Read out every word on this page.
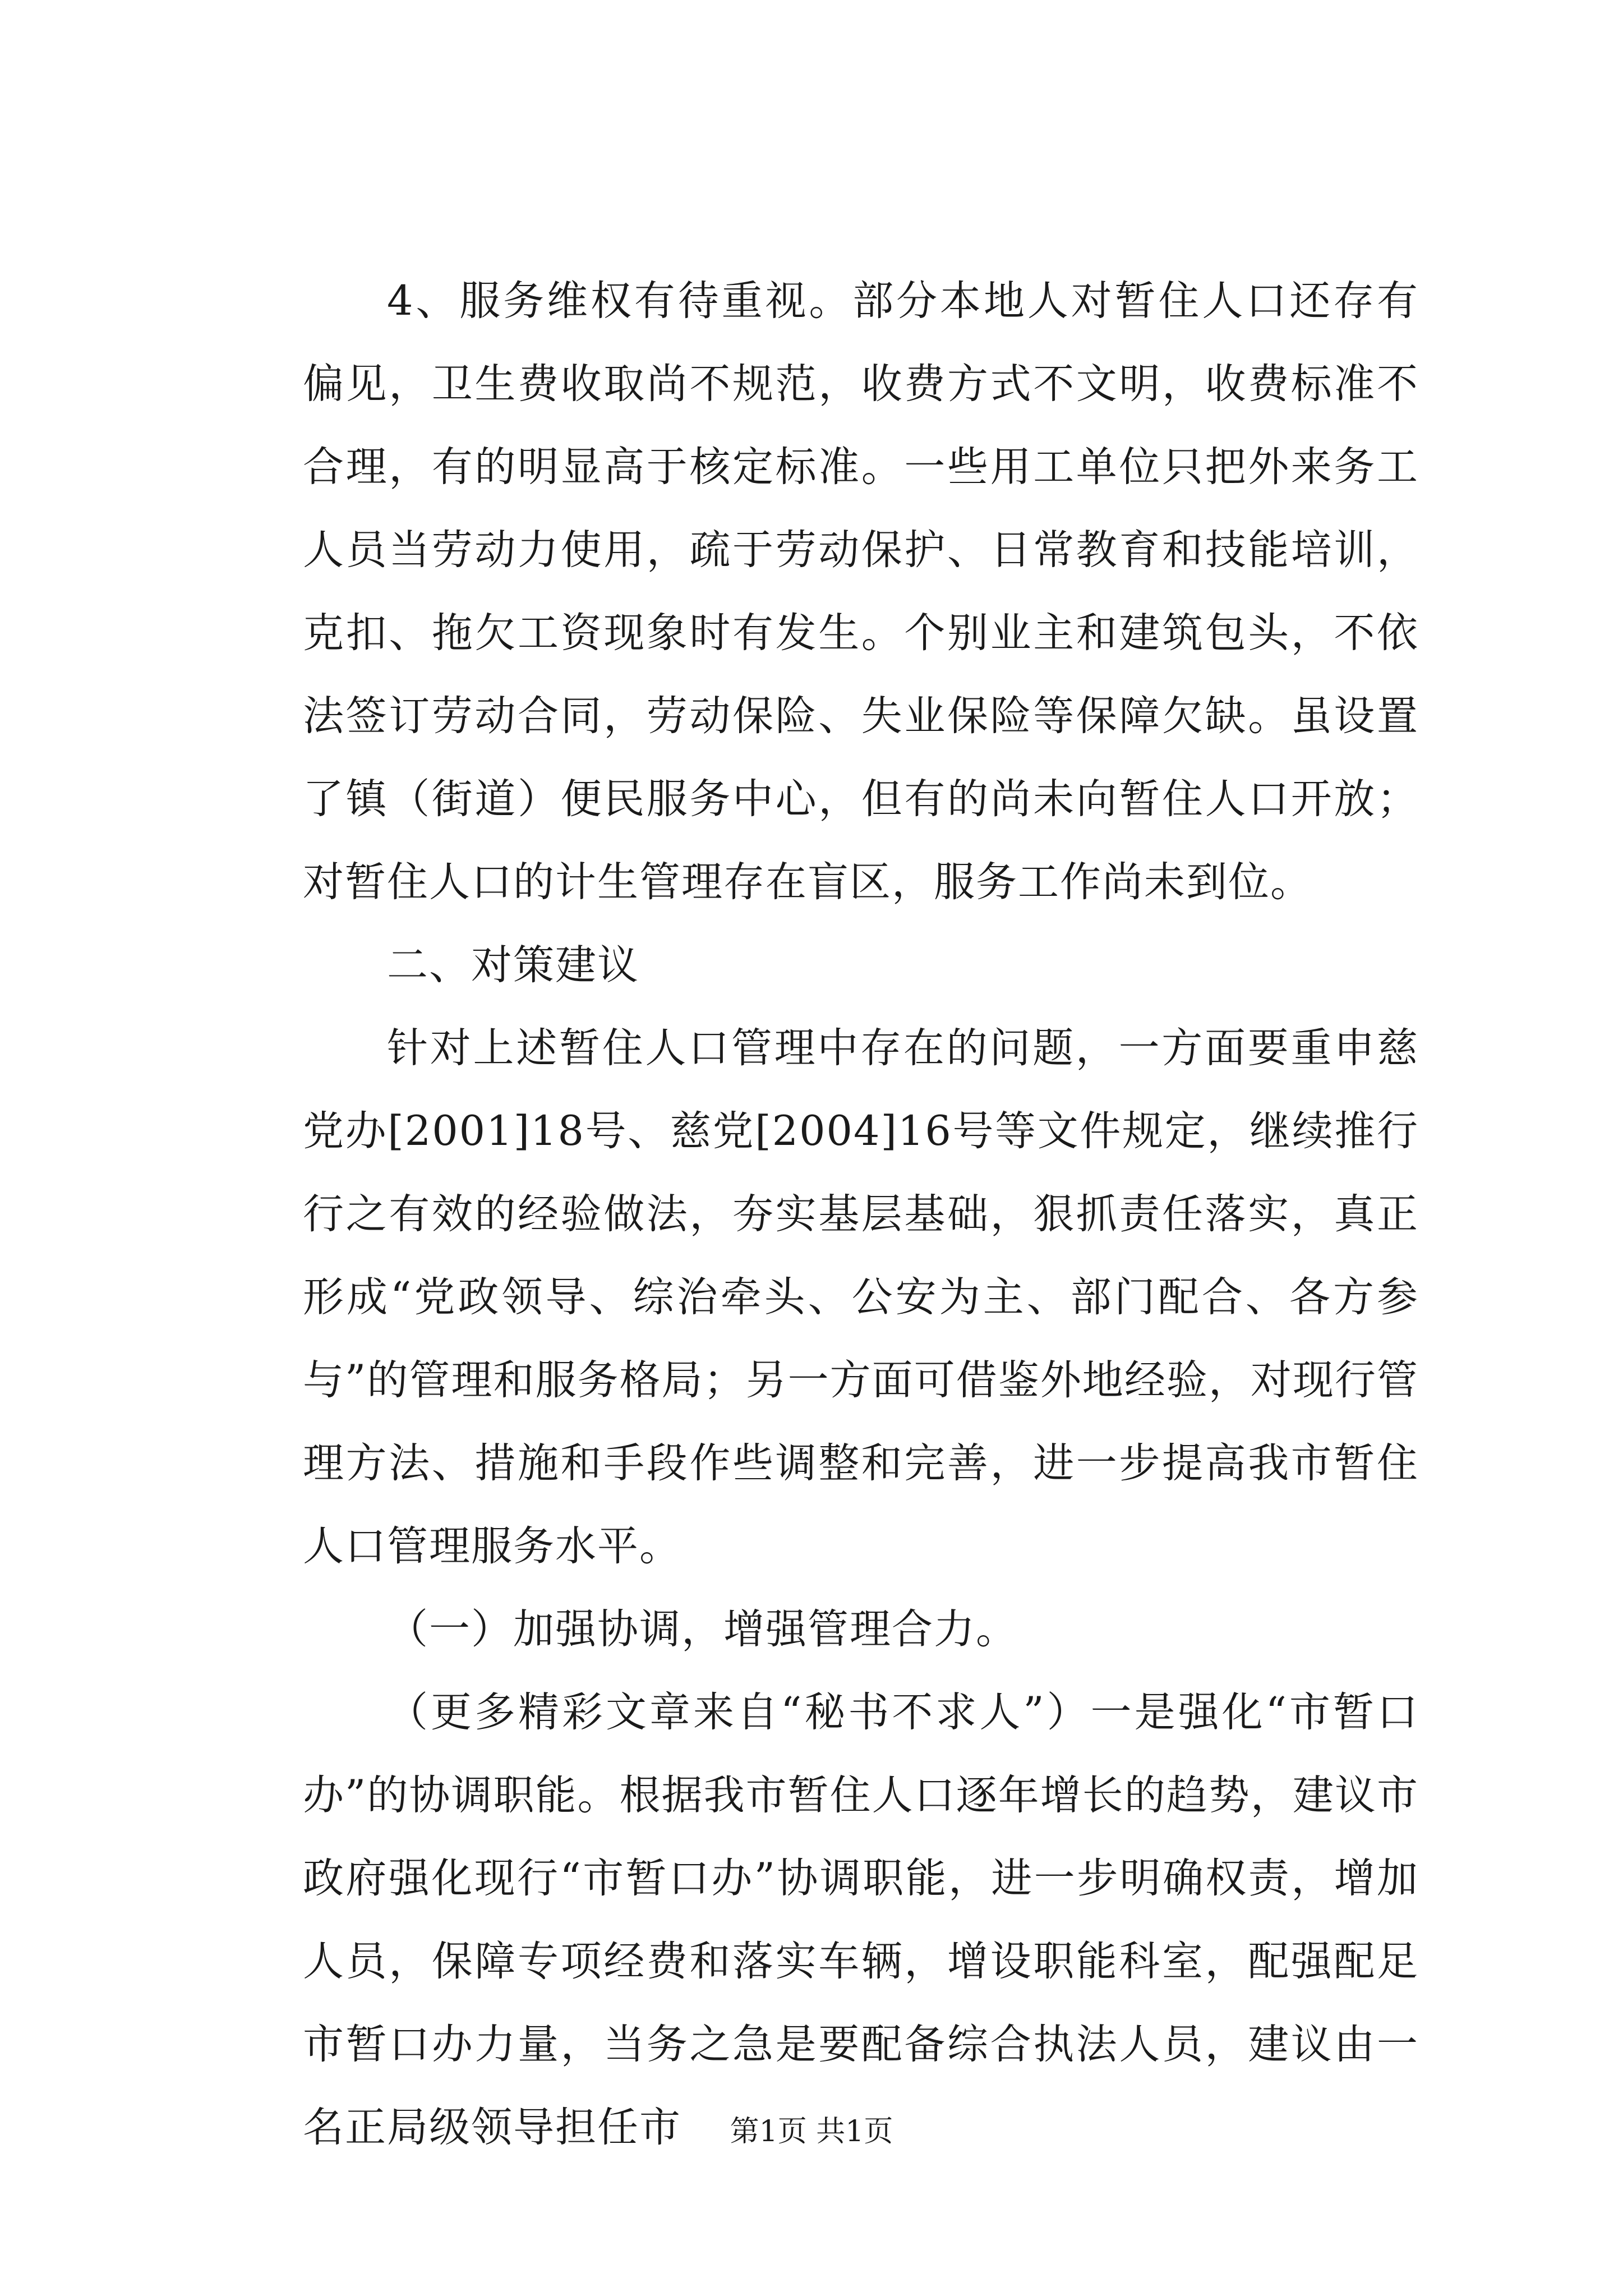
4、服务维权有待重视。部分本地人对暂住人口还存有偏见，卫生费收取尚不规范，收费方式不文明，收费标准不合理，有的明显高于核定标准。一些用工单位只把外来务工人员当劳动力使用，疏于劳动保护、日常教育和技能培训，克扣、拖欠工资现象时有发生。个别业主和建筑包头，不依法签订劳动合同，劳动保险、失业保险等保障欠缺。虽设置了镇（街道）便民服务中心，但有的尚未向暂住人口开放；对暂住人口的计生管理存在盲区，服务工作尚未到位。

二、对策建议

针对上述暂住人口管理中存在的问题，一方面要重申慈党办[2001]18号、慈党[2004]16号等文件规定，继续推行行之有效的经验做法，夯实基层基础，狠抓责任落实，真正形成“党政领导、综治牵头、公安为主、部门配合、各方参与”的管理和服务格局；另一方面可借鉴外地经验，对现行管理方法、措施和手段作些调整和完善，进一步提高我市暂住人口管理服务水平。

（一）加强协调，增强管理合力。

（更多精彩文章来自“秘书不求人”）一是强化“市暂口办”的协调职能。根据我市暂住人口逐年增长的趋势，建议市政府强化现行“市暂口办”协调职能，进一步明确权责，增加人员，保障专项经费和落实车辆，增设职能科室，配强配足市暂口办力量，当务之急是要配备综合执法人员，建议由一名正局级领导担任市	第1页 共1页
